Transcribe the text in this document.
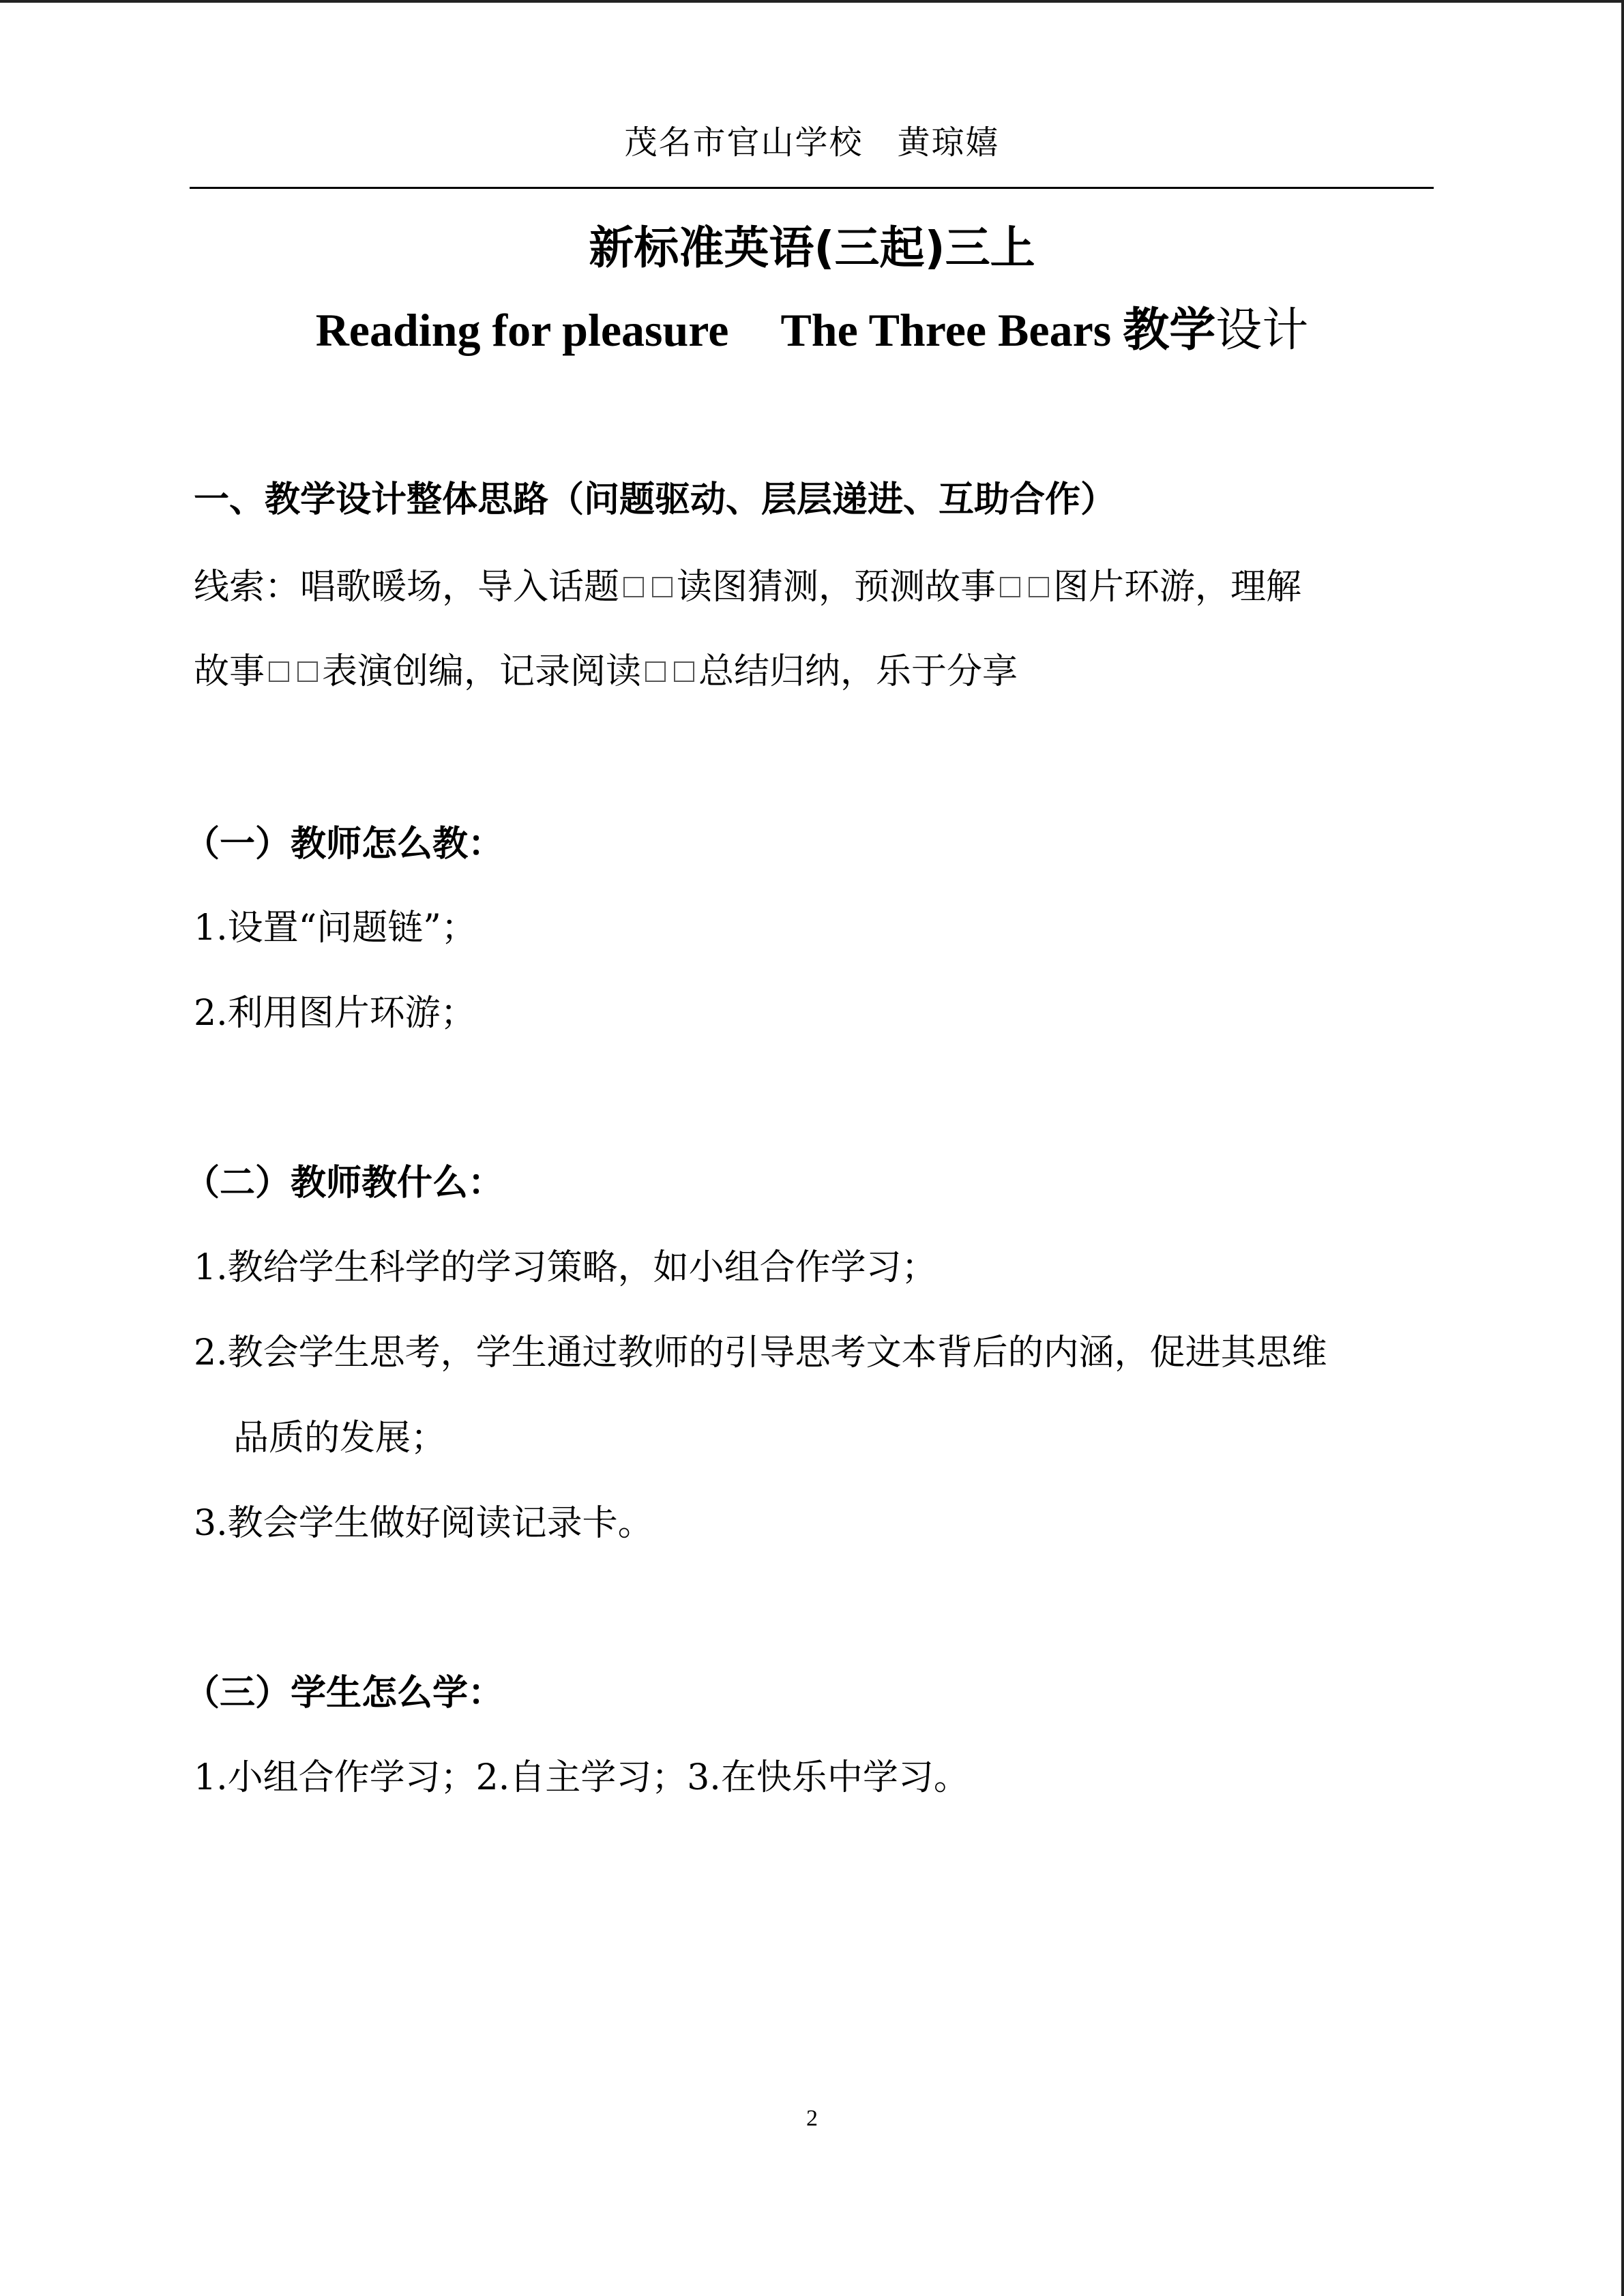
茂名市官山学校　黄琼嬉
新标准英语(三起)三上
Reading for pleasure The Three Bears 教学设计
一、教学设计整体思路（问题驱动、层层递进、互助合作）
线索：唱歌暖场，导入话题 读图猜测，预测故事 图片环游，理解
故事 表演创编，记录阅读 总结归纳，乐于分享
（一）教师怎么教：
1.设置“问题链”；
2.利用图片环游；
（二）教师教什么：
1.教给学生科学的学习策略，如小组合作学习；
2.教会学生思考，学生通过教师的引导思考文本背后的内涵，促进其思维
品质的发展；
3.教会学生做好阅读记录卡。
（三）学生怎么学：
1.小组合作学习；2.自主学习；3.在快乐中学习。
2
